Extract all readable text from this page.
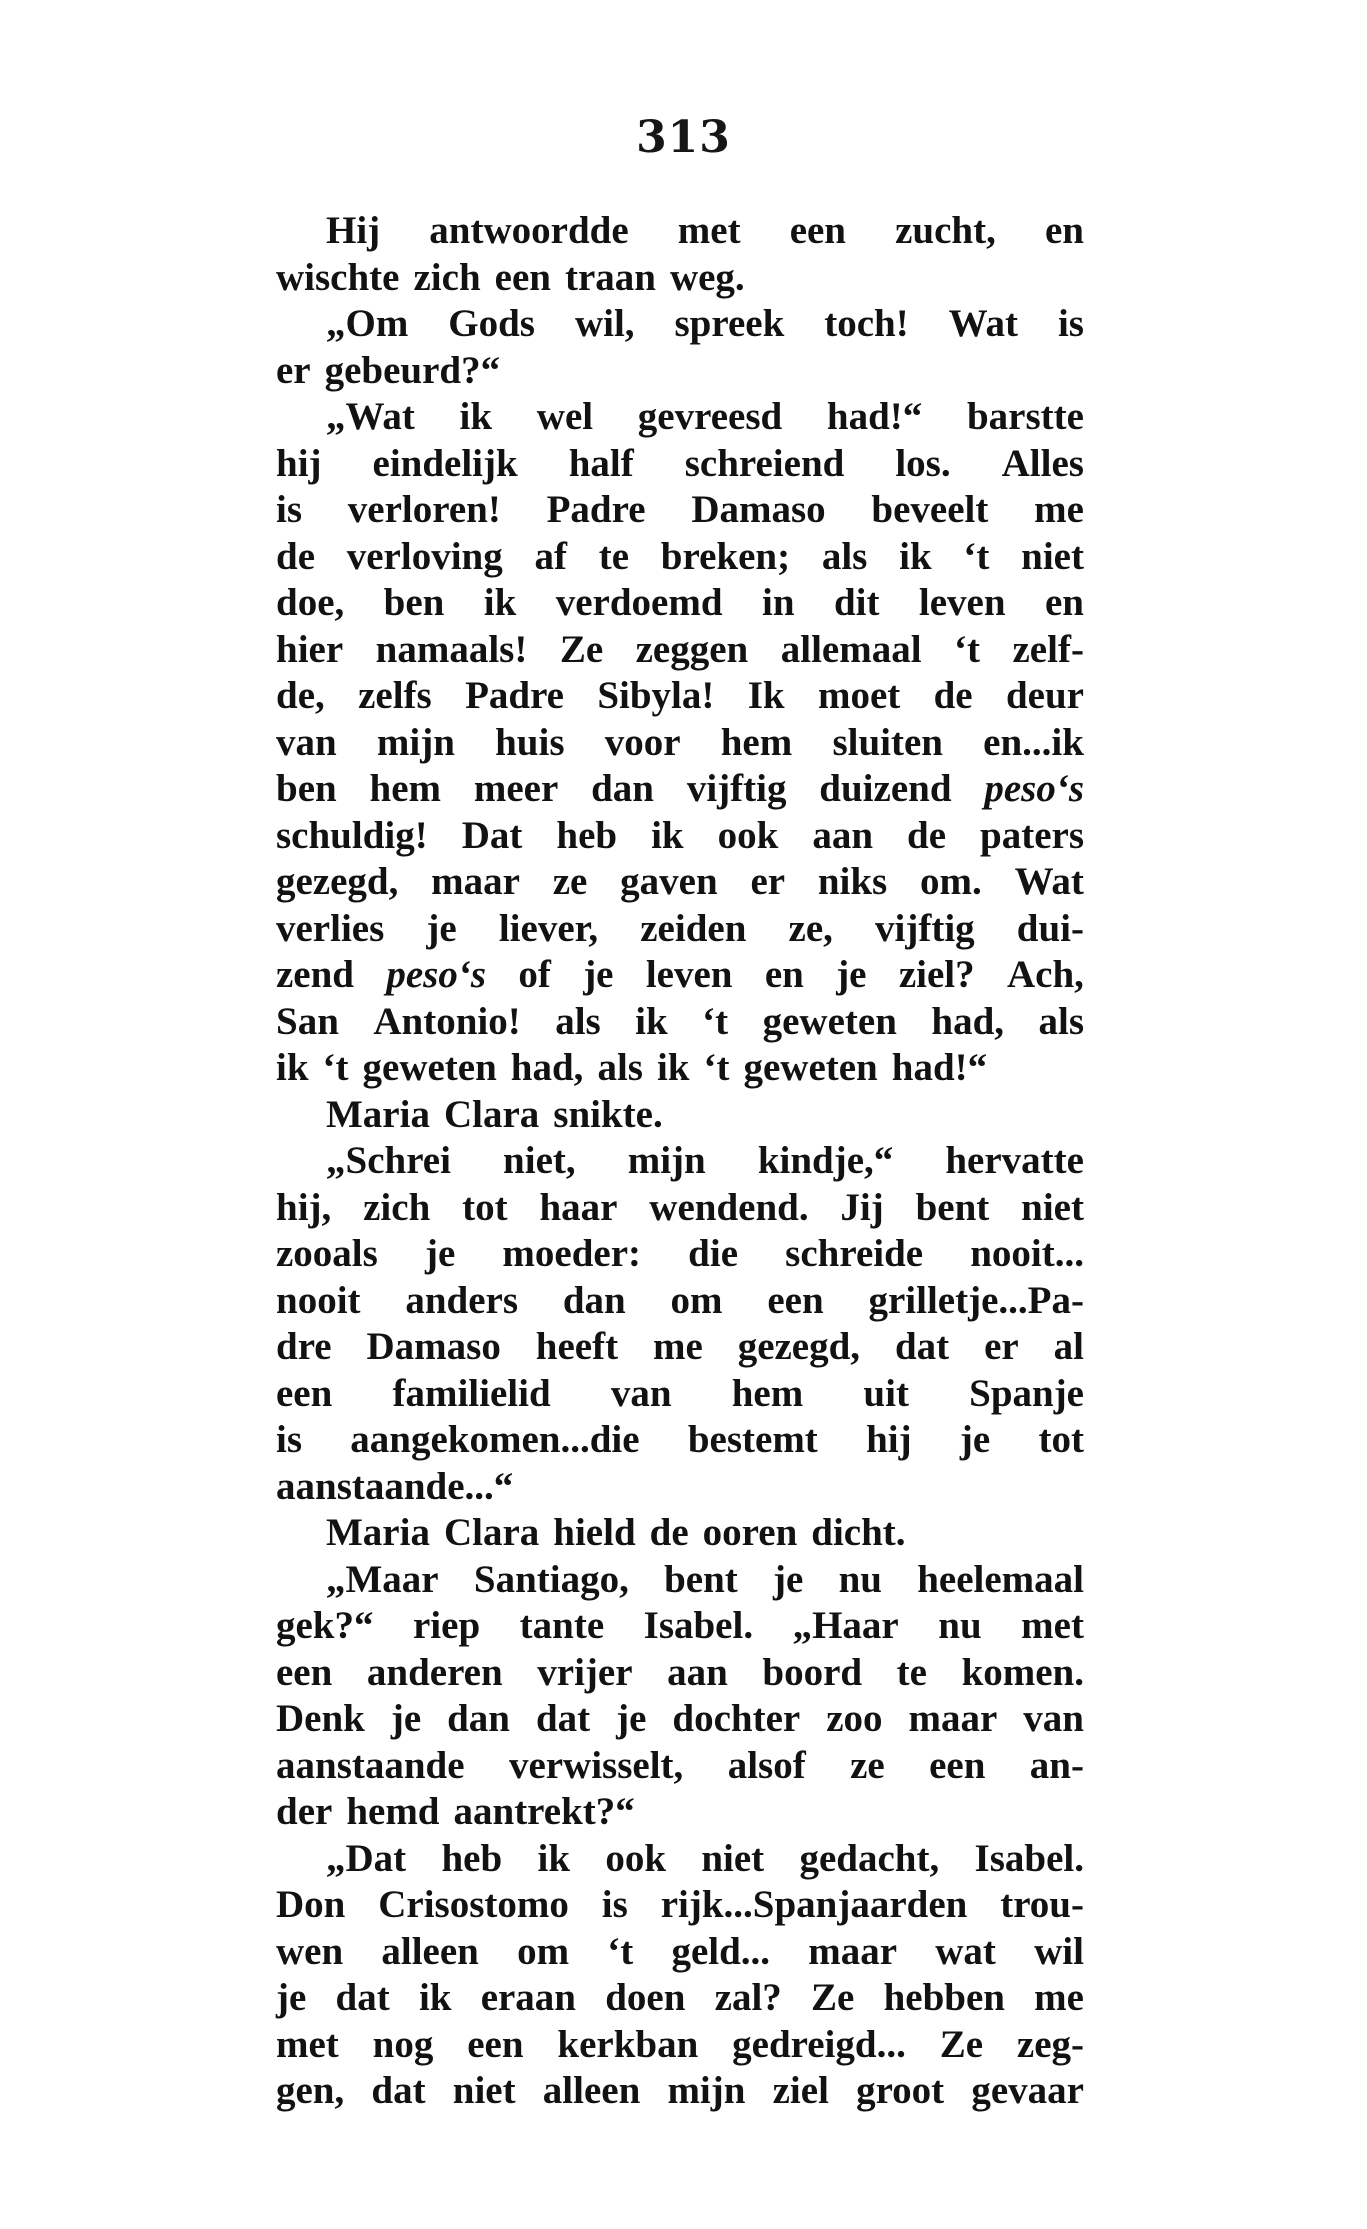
313
Hij antwoordde met een zucht, en
wischte zich een traan weg.
„Om Gods wil, spreek toch! Wat is
er gebeurd?“
„Wat ik wel gevreesd had!“ barstte
hij eindelijk half schreiend los. Alles
is verloren! Padre Damaso beveelt me
de verloving af te breken; als ik ‘t niet
doe, ben ik verdoemd in dit leven en
hier namaals! Ze zeggen allemaal ‘t zelf-
de, zelfs Padre Sibyla! Ik moet de deur
van mijn huis voor hem sluiten en...ik
ben hem meer dan vijftig duizend peso‘s
schuldig! Dat heb ik ook aan de paters
gezegd, maar ze gaven er niks om. Wat
verlies je liever, zeiden ze, vijftig dui-
zend peso‘s of je leven en je ziel? Ach,
San Antonio! als ik ‘t geweten had, als
ik ‘t geweten had, als ik ‘t geweten had!“
Maria Clara snikte.
„Schrei niet, mijn kindje,“ hervatte
hij, zich tot haar wendend. Jij bent niet
zooals je moeder: die schreide nooit...
nooit anders dan om een grilletje...Pa-
dre Damaso heeft me gezegd, dat er al
een familielid van hem uit Spanje
is aangekomen...die bestemt hij je tot
aanstaande...“
Maria Clara hield de ooren dicht.
„Maar Santiago, bent je nu heelemaal
gek?“ riep tante Isabel. „Haar nu met
een anderen vrijer aan boord te komen.
Denk je dan dat je dochter zoo maar van
aanstaande verwisselt, alsof ze een an-
der hemd aantrekt?“
„Dat heb ik ook niet gedacht, Isabel.
Don Crisostomo is rijk...Spanjaarden trou-
wen alleen om ‘t geld... maar wat wil
je dat ik eraan doen zal? Ze hebben me
met nog een kerkban gedreigd... Ze zeg-
gen, dat niet alleen mijn ziel groot gevaar
